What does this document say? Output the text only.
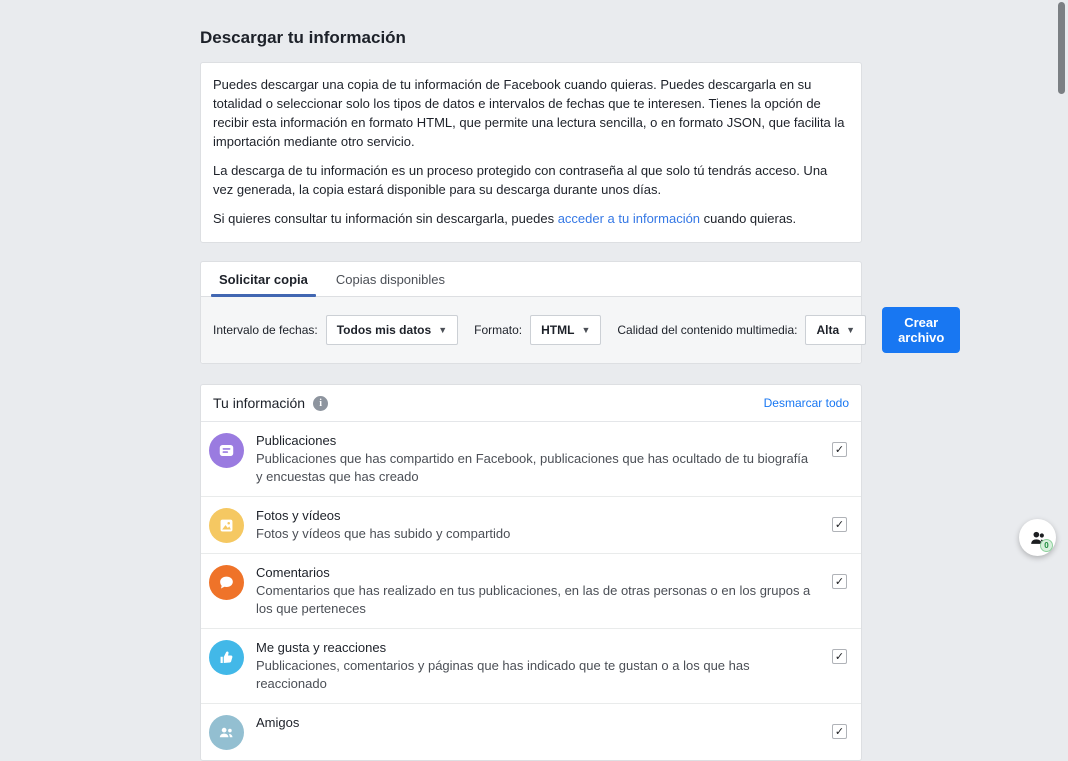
Descargar tu información

Puedes descargar una copia de tu información de Facebook cuando quieras. Puedes descargarla en su totalidad o seleccionar solo los tipos de datos e intervalos de fechas que te interesen. Tienes la opción de recibir esta información en formato HTML, que permite una lectura sencilla, o en formato JSON, que facilita la importación mediante otro servicio.

La descarga de tu información es un proceso protegido con contraseña al que solo tú tendrás acceso. Una vez generada, la copia estará disponible para su descarga durante unos días.

Si quieres consultar tu información sin descargarla, puedes acceder a tu información cuando quieras.

Solicitar copia	Copias disponibles
Intervalo de fechas: Todos mis datos ▼ Formato: HTML ▼ Calidad del contenido multimedia: Alta ▼	Crear archivo
Tu información	i	Desmarcar todo
Publicaciones
Publicaciones que has compartido en Facebook, publicaciones que has ocultado de tu biografía y encuestas que has creado
✓
Fotos y vídeos
Fotos y vídeos que has subido y compartido
✓
Comentarios
Comentarios que has realizado en tus publicaciones, en las de otras personas o en los grupos a los que perteneces
✓
Me gusta y reacciones
Publicaciones, comentarios y páginas que has indicado que te gustan o a los que has reaccionado
✓
Amigos
✓
0
